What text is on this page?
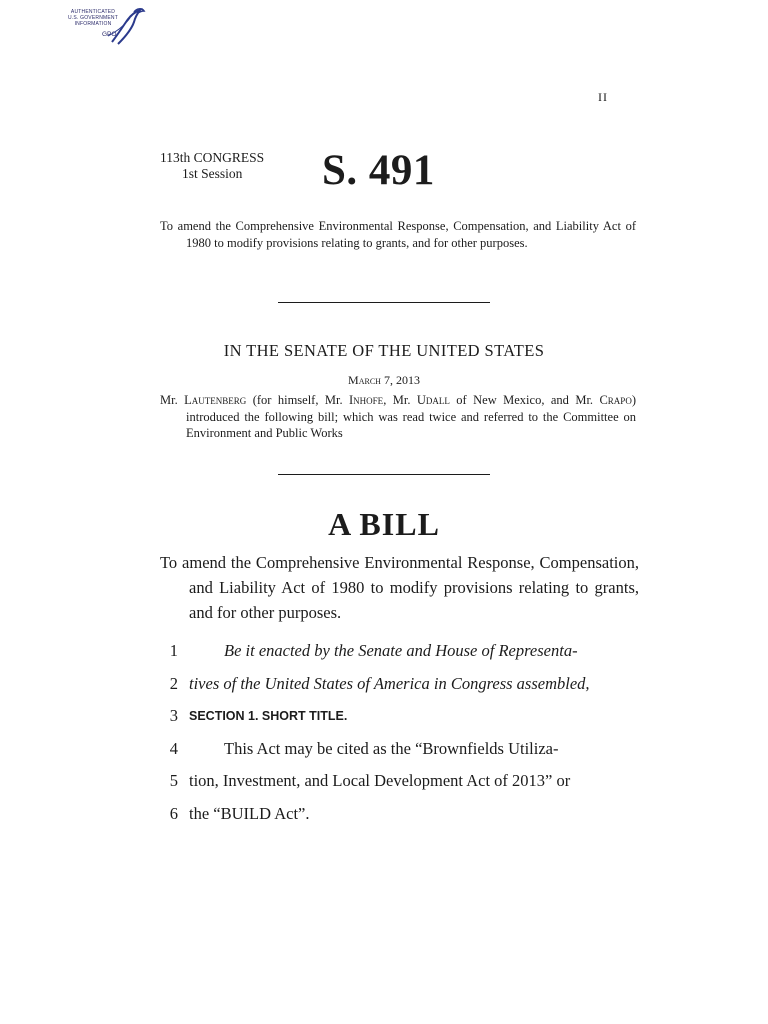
AUTHENTICATED
U.S. GOVERNMENT
INFORMATION
GPO
II
113th CONGRESS
1st Session	S. 491
To amend the Comprehensive Environmental Response, Compensation, and Liability Act of 1980 to modify provisions relating to grants, and for other purposes.
IN THE SENATE OF THE UNITED STATES
March 7, 2013
Mr. Lautenberg (for himself, Mr. Inhofe, Mr. Udall of New Mexico, and Mr. Crapo) introduced the following bill; which was read twice and referred to the Committee on Environment and Public Works
A BILL
To amend the Comprehensive Environmental Response, Compensation, and Liability Act of 1980 to modify provisions relating to grants, and for other purposes.
1	Be it enacted by the Senate and House of Representa-
2 tives of the United States of America in Congress assembled,
3 SECTION 1. SHORT TITLE.
4	This Act may be cited as the “Brownfields Utiliza-
5 tion, Investment, and Local Development Act of 2013” or
6 the “BUILD Act”.
